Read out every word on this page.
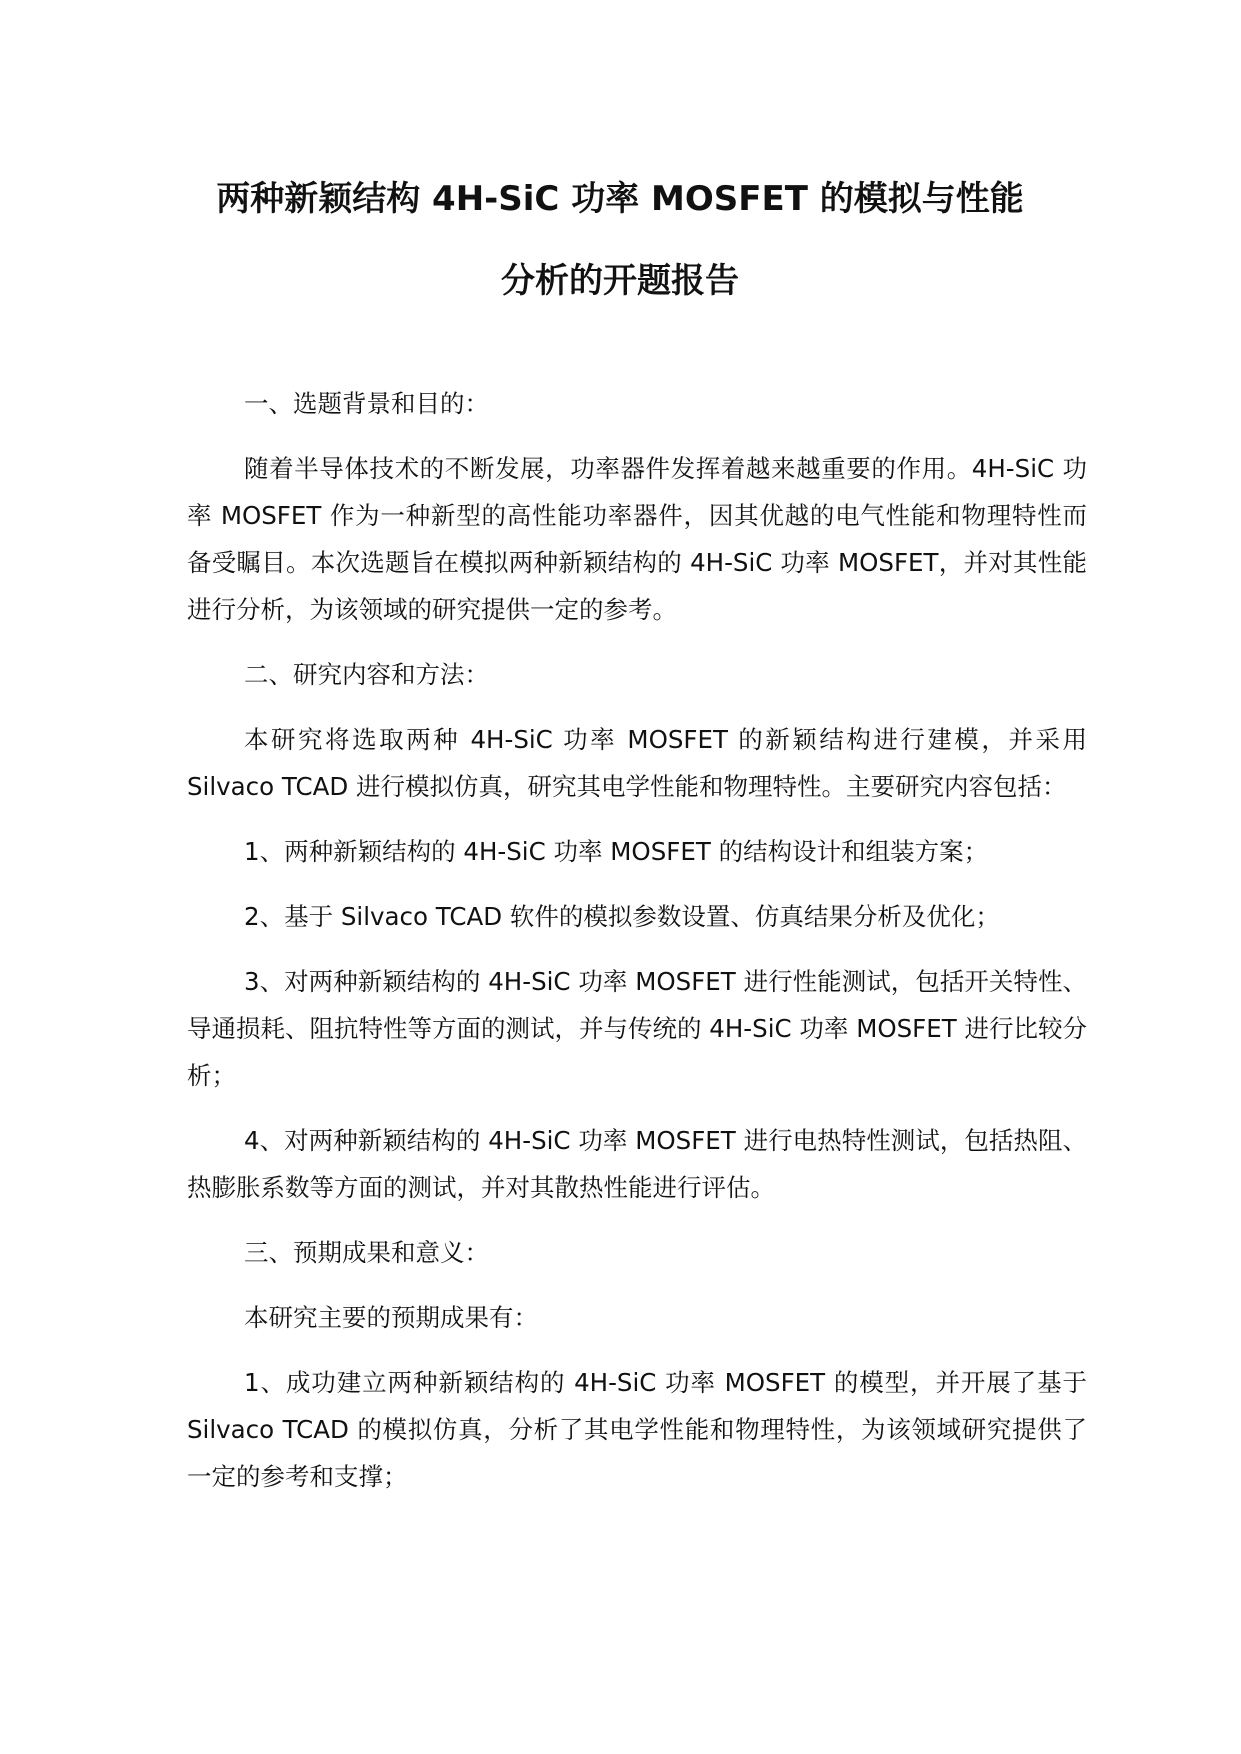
两种新颖结构 4H-SiC 功率 MOSFET 的模拟与性能
分析的开题报告

一、选题背景和目的：

随着半导体技术的不断发展，功率器件发挥着越来越重要的作用。4H-SiC 功率 MOSFET 作为一种新型的高性能功率器件，因其优越的电气性能和物理特性而备受瞩目。本次选题旨在模拟两种新颖结构的 4H-SiC 功率 MOSFET，并对其性能进行分析，为该领域的研究提供一定的参考。

二、研究内容和方法：

本研究将选取两种 4H-SiC 功率 MOSFET 的新颖结构进行建模，并采用 Silvaco TCAD 进行模拟仿真，研究其电学性能和物理特性。主要研究内容包括：

1、两种新颖结构的 4H-SiC 功率 MOSFET 的结构设计和组装方案；

2、基于 Silvaco TCAD 软件的模拟参数设置、仿真结果分析及优化；

3、对两种新颖结构的 4H-SiC 功率 MOSFET 进行性能测试，包括开关特性、导通损耗、阻抗特性等方面的测试，并与传统的 4H-SiC 功率 MOSFET 进行比较分析；

4、对两种新颖结构的 4H-SiC 功率 MOSFET 进行电热特性测试，包括热阻、热膨胀系数等方面的测试，并对其散热性能进行评估。

三、预期成果和意义：

本研究主要的预期成果有：

1、成功建立两种新颖结构的 4H-SiC 功率 MOSFET 的模型，并开展了基于 Silvaco TCAD 的模拟仿真，分析了其电学性能和物理特性，为该领域研究提供了一定的参考和支撑；
